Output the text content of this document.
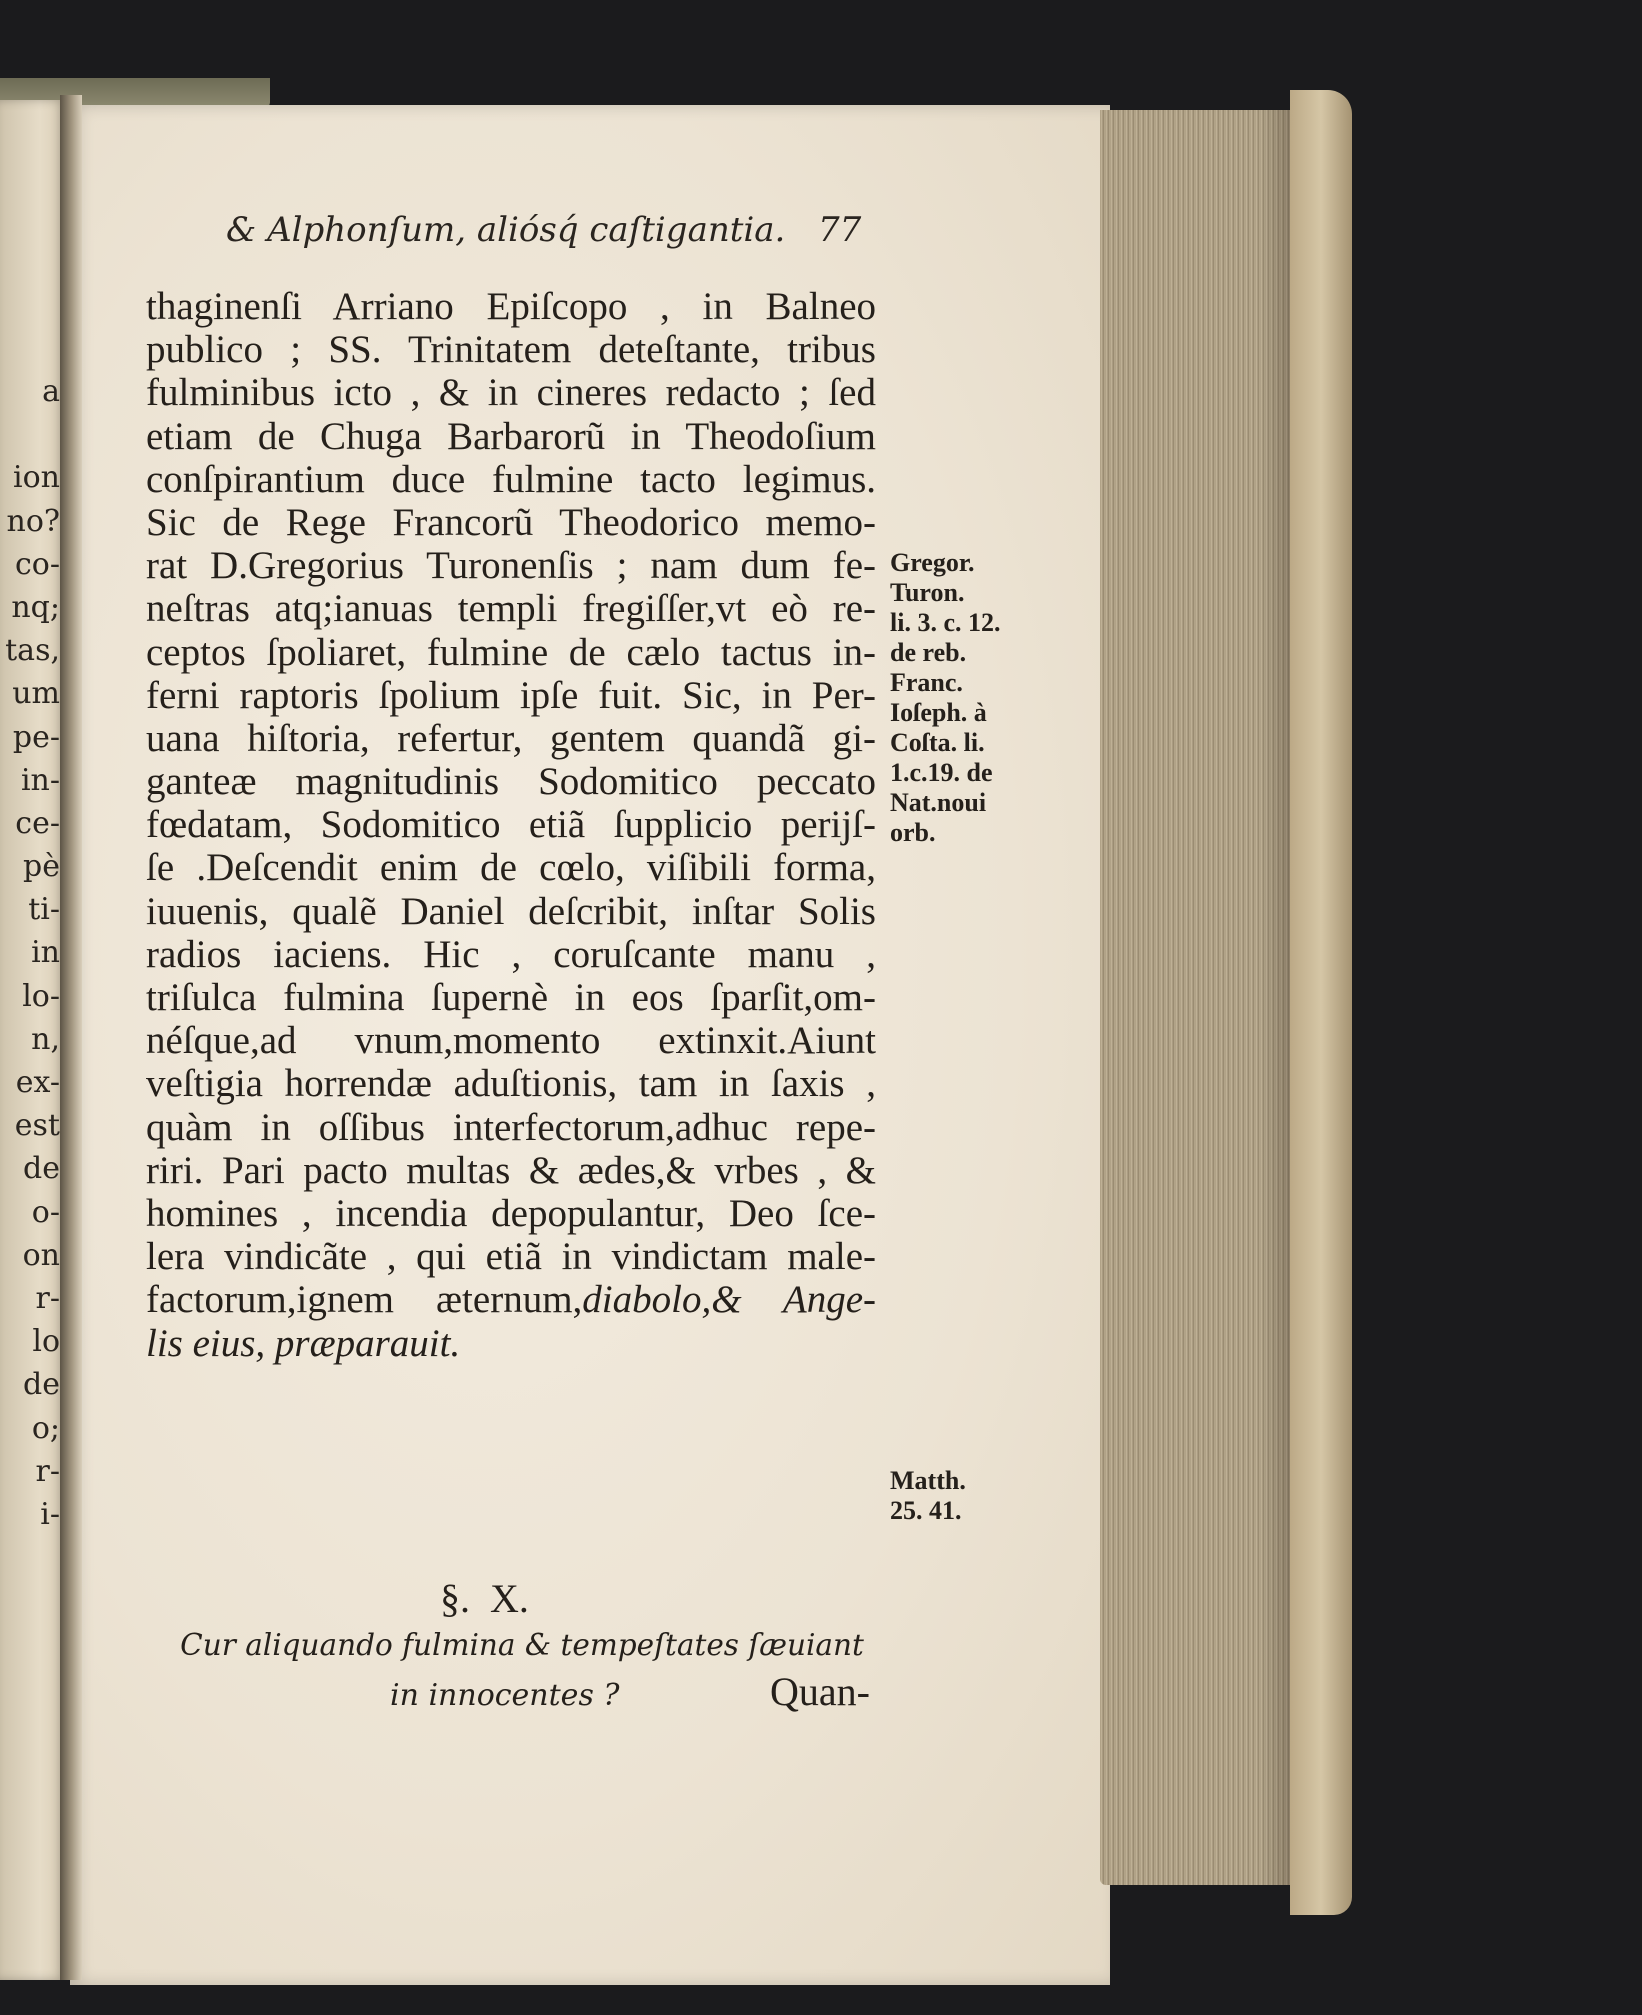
a
ion
no?
co-
nq;
tas,
um
pe-
in-
ce-
pè
ti-
in
lo-
n,
ex-
est
de
o-
on
r-
lo
de
o;
r-
i-
& Alphonſum, aliósq́ caſtigantia. 77
thaginenſi Arriano Epiſcopo , in Balneo
publico ; SS. Trinitatem deteſtante, tribus
fulminibus icto , & in cineres redacto ; ſed
etiam de Chuga Barbarorũ in Theodoſium
conſpirantium duce fulmine tacto legimus.
Sic de Rege Francorũ Theodorico memo-
rat D.Gregorius Turonenſis ; nam dum fe-
neſtras atq;ianuas templi fregiſſer,vt eò re-
ceptos ſpoliaret, fulmine de cælo tactus in-
ferni raptoris ſpolium ipſe fuit. Sic, in Per-
uana hiſtoria, refertur, gentem quandã gi-
ganteæ magnitudinis Sodomitico peccato
fœdatam, Sodomitico etiã ſupplicio perijſ-
ſe .Deſcendit enim de cœlo, viſibili forma,
iuuenis, qualẽ Daniel deſcribit, inſtar Solis
radios iaciens. Hic , coruſcante manu ,
triſulca fulmina ſupernè in eos ſparſit,om-
néſque,ad vnum,momento extinxit.Aiunt
veſtigia horrendæ aduſtionis, tam in ſaxis ,
quàm in oſſibus interfectorum,adhuc repe-
riri. Pari pacto multas & ædes,& vrbes , &
homines , incendia depopulantur, Deo ſce-
lera vindicãte , qui etiã in vindictam male-
factorum,ignem æternum,diabolo,& Ange-
lis eius, præparauit.
Gregor.
Turon.
li. 3. c. 12.
de reb.
Franc.
Ioſeph. à
Coſta. li.
1.c.19. de
Nat.noui
orb.
Matth.
25. 41.
§. X.
Cur aliquando fulmina & tempeſtates ſæuiant
in innocentes ?	Quan-
